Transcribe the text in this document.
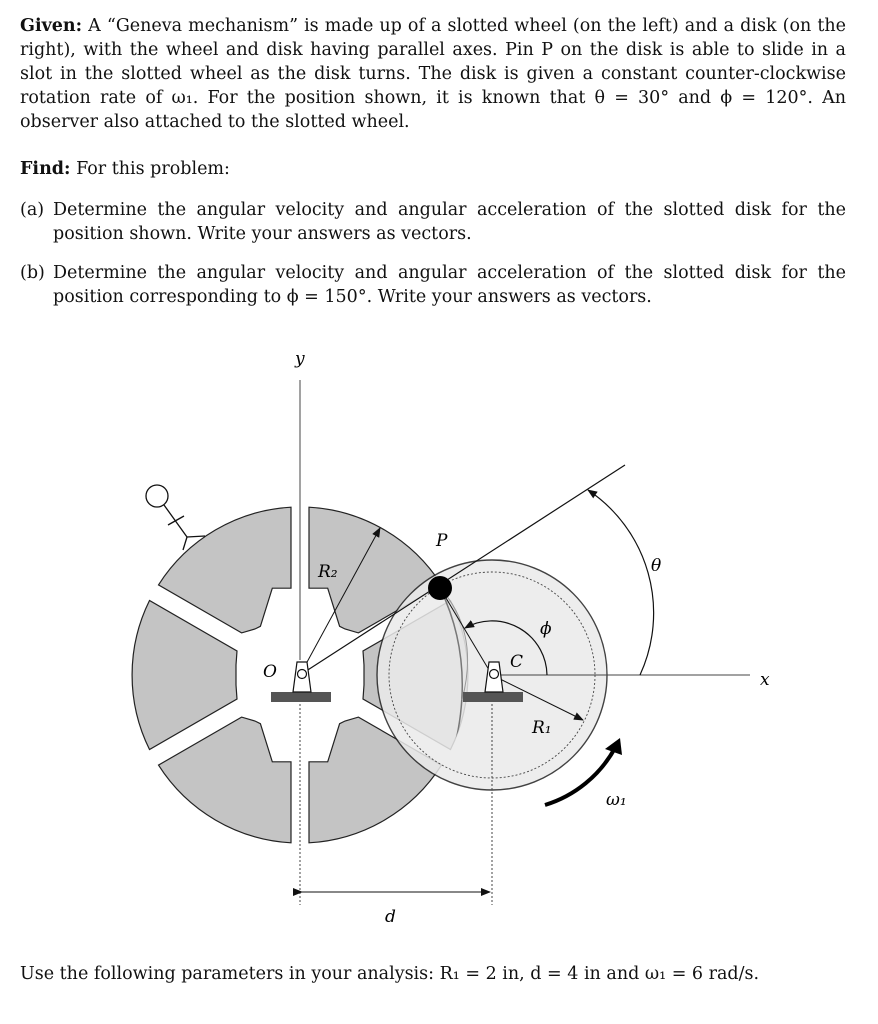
Given: A “Geneva mechanism” is made up of a slotted wheel (on the left) and a disk (on the right), with the wheel and disk having parallel axes. Pin P on the disk is able to slide in a slot in the slotted wheel as the disk turns. The disk is given a constant counter-clockwise rotation rate of ω₁. For the position shown, it is known that θ = 30° and ϕ = 120°. An observer also attached to the slotted wheel.
Find: For this problem:
(a) Determine the angular velocity and angular acceleration of the slotted disk for the position shown. Write your answers as vectors.
(b) Determine the angular velocity and angular acceleration of the slotted disk for the position corresponding to ϕ = 150°. Write your answers as vectors.
y
x
O
P
C
R₂
R₁
θ
ϕ
ω₁
d
Use the following parameters in your analysis: R₁ = 2 in, d = 4 in and ω₁ = 6 rad/s.
